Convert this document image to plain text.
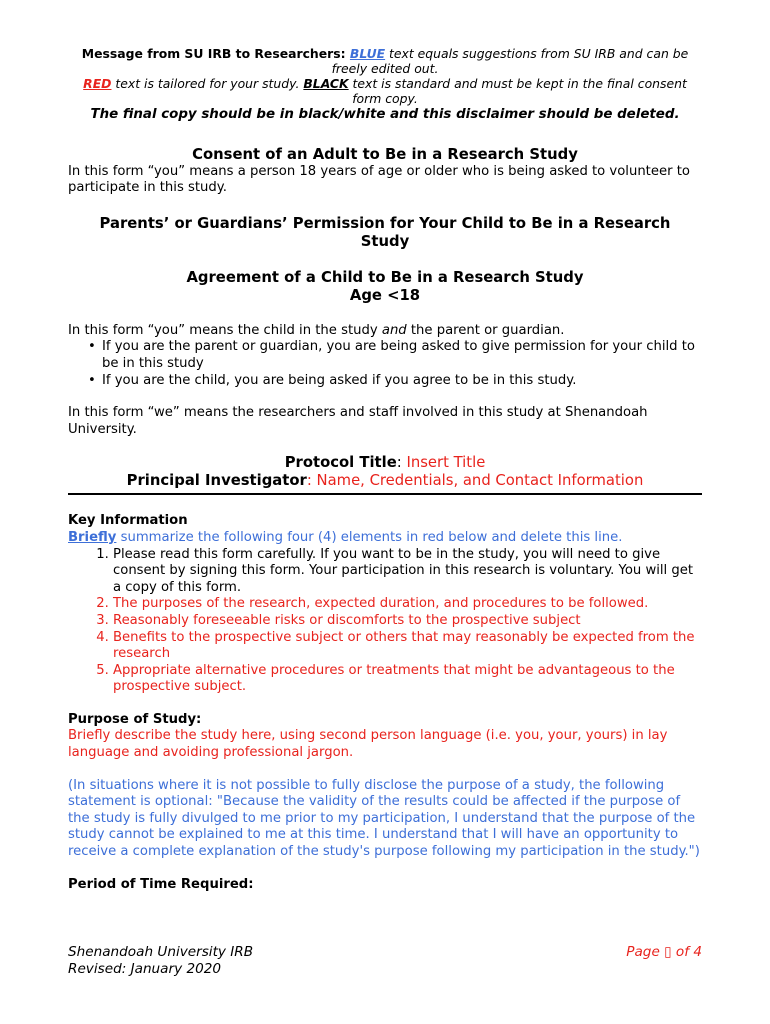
Message from SU IRB to Researchers: BLUE text equals suggestions from SU IRB and can be freely edited out.
RED text is tailored for your study. BLACK text is standard and must be kept in the final consent form copy.
The final copy should be in black/white and this disclaimer should be deleted.
Consent of an Adult to Be in a Research Study

In this form “you” means a person 18 years of age or older who is being asked to volunteer to participate in this study.

Parents’ or Guardians’ Permission for Your Child to Be in a Research Study
Agreement of a Child to Be in a Research Study
Age <18

In this form “you” means the child in the study and the parent or guardian.

• If you are the parent or guardian, you are being asked to give permission for your child to be in this study
• If you are the child, you are being asked if you agree to be in this study.

In this form “we” means the researchers and staff involved in this study at Shenandoah University.

Protocol Title: Insert Title
Principal Investigator: Name, Credentials, and Contact Information
Key Information

Briefly summarize the following four (4) elements in red below and delete this line.

1. Please read this form carefully. If you want to be in the study, you will need to give consent by signing this form. Your participation in this research is voluntary. You will get a copy of this form.
2. The purposes of the research, expected duration, and procedures to be followed.
3. Reasonably foreseeable risks or discomforts to the prospective subject
4. Benefits to the prospective subject or others that may reasonably be expected from the research
5. Appropriate alternative procedures or treatments that might be advantageous to the prospective subject.
Purpose of Study:

Briefly describe the study here, using second person language (i.e. you, your, yours) in lay language and avoiding professional jargon.

(In situations where it is not possible to fully disclose the purpose of a study, the following statement is optional: "Because the validity of the results could be affected if the purpose of the study is fully divulged to me prior to my participation, I understand that the purpose of the study cannot be explained to me at this time. I understand that I will have an opportunity to receive a complete explanation of the study's purpose following my participation in the study.")

Period of Time Required:
Shenandoah University IRB
Revised: January 2020
Page ▯ of 4
